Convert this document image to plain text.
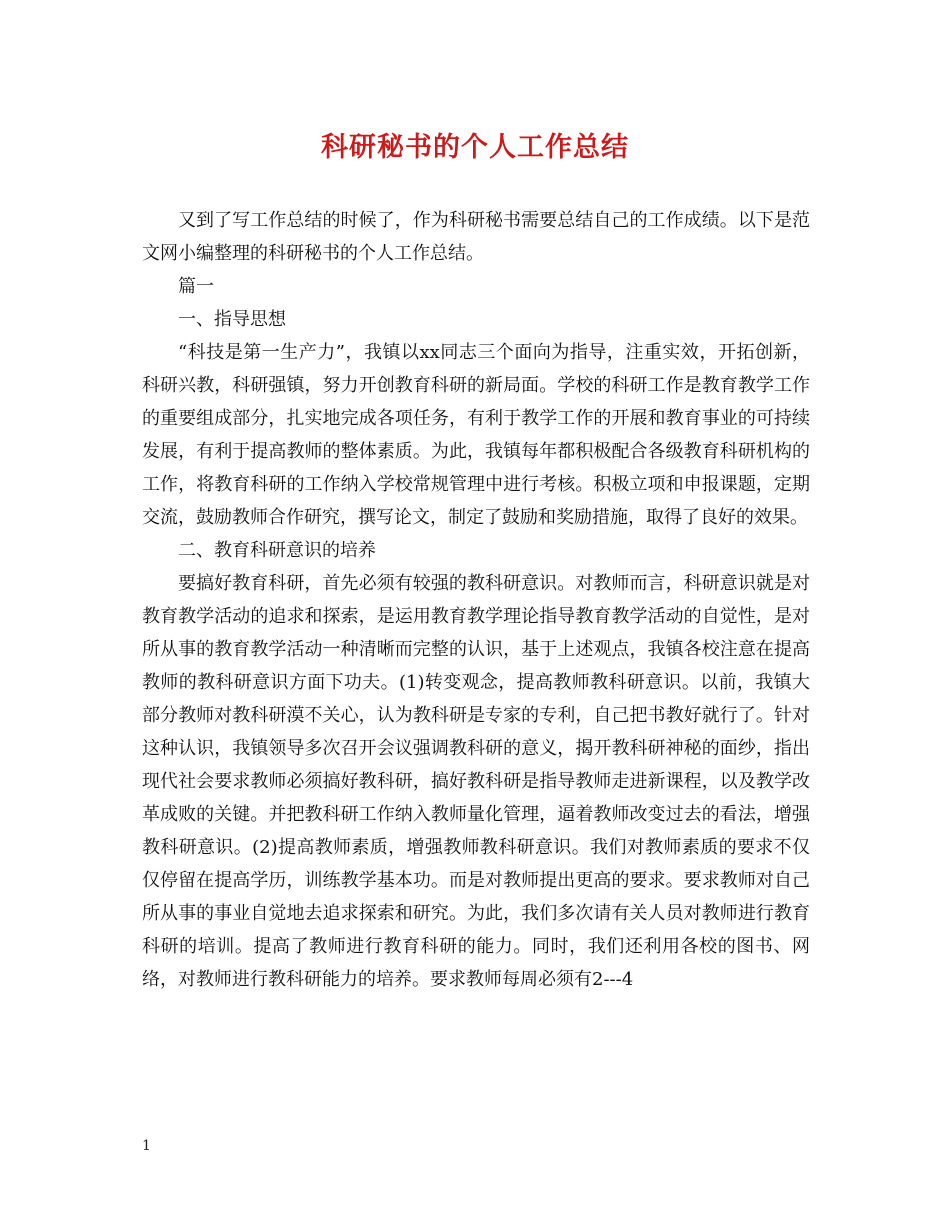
科研秘书的个人工作总结

又到了写工作总结的时候了，作为科研秘书需要总结自己的工作成绩。以下是范文网小编整理的科研秘书的个人工作总结。

篇一

一、指导思想

“科技是第一生产力”，我镇以xx同志三个面向为指导，注重实效，开拓创新，科研兴教，科研强镇，努力开创教育科研的新局面。学校的科研工作是教育教学工作的重要组成部分，扎实地完成各项任务，有利于教学工作的开展和教育事业的可持续发展，有利于提高教师的整体素质。为此，我镇每年都积极配合各级教育科研机构的工作，将教育科研的工作纳入学校常规管理中进行考核。积极立项和申报课题，定期交流，鼓励教师合作研究，撰写论文，制定了鼓励和奖励措施，取得了良好的效果。

二、教育科研意识的培养

要搞好教育科研，首先必须有较强的教科研意识。对教师而言，科研意识就是对教育教学活动的追求和探索，是运用教育教学理论指导教育教学活动的自觉性，是对所从事的教育教学活动一种清晰而完整的认识，基于上述观点，我镇各校注意在提高教师的教科研意识方面下功夫。(1)转变观念，提高教师教科研意识。以前，我镇大部分教师对教科研漠不关心，认为教科研是专家的专利，自己把书教好就行了。针对这种认识，我镇领导多次召开会议强调教科研的意义，揭开教科研神秘的面纱，指出现代社会要求教师必须搞好教科研，搞好教科研是指导教师走进新课程，以及教学改革成败的关键。并把教科研工作纳入教师量化管理，逼着教师改变过去的看法，增强教科研意识。(2)提高教师素质，增强教师教科研意识。我们对教师素质的要求不仅仅停留在提高学历，训练教学基本功。而是对教师提出更高的要求。要求教师对自己所从事的事业自觉地去追求探索和研究。为此，我们多次请有关人员对教师进行教育科研的培训。提高了教师进行教育科研的能力。同时，我们还利用各校的图书、网络，对教师进行教科研能力的培养。要求教师每周必须有2---4

1
